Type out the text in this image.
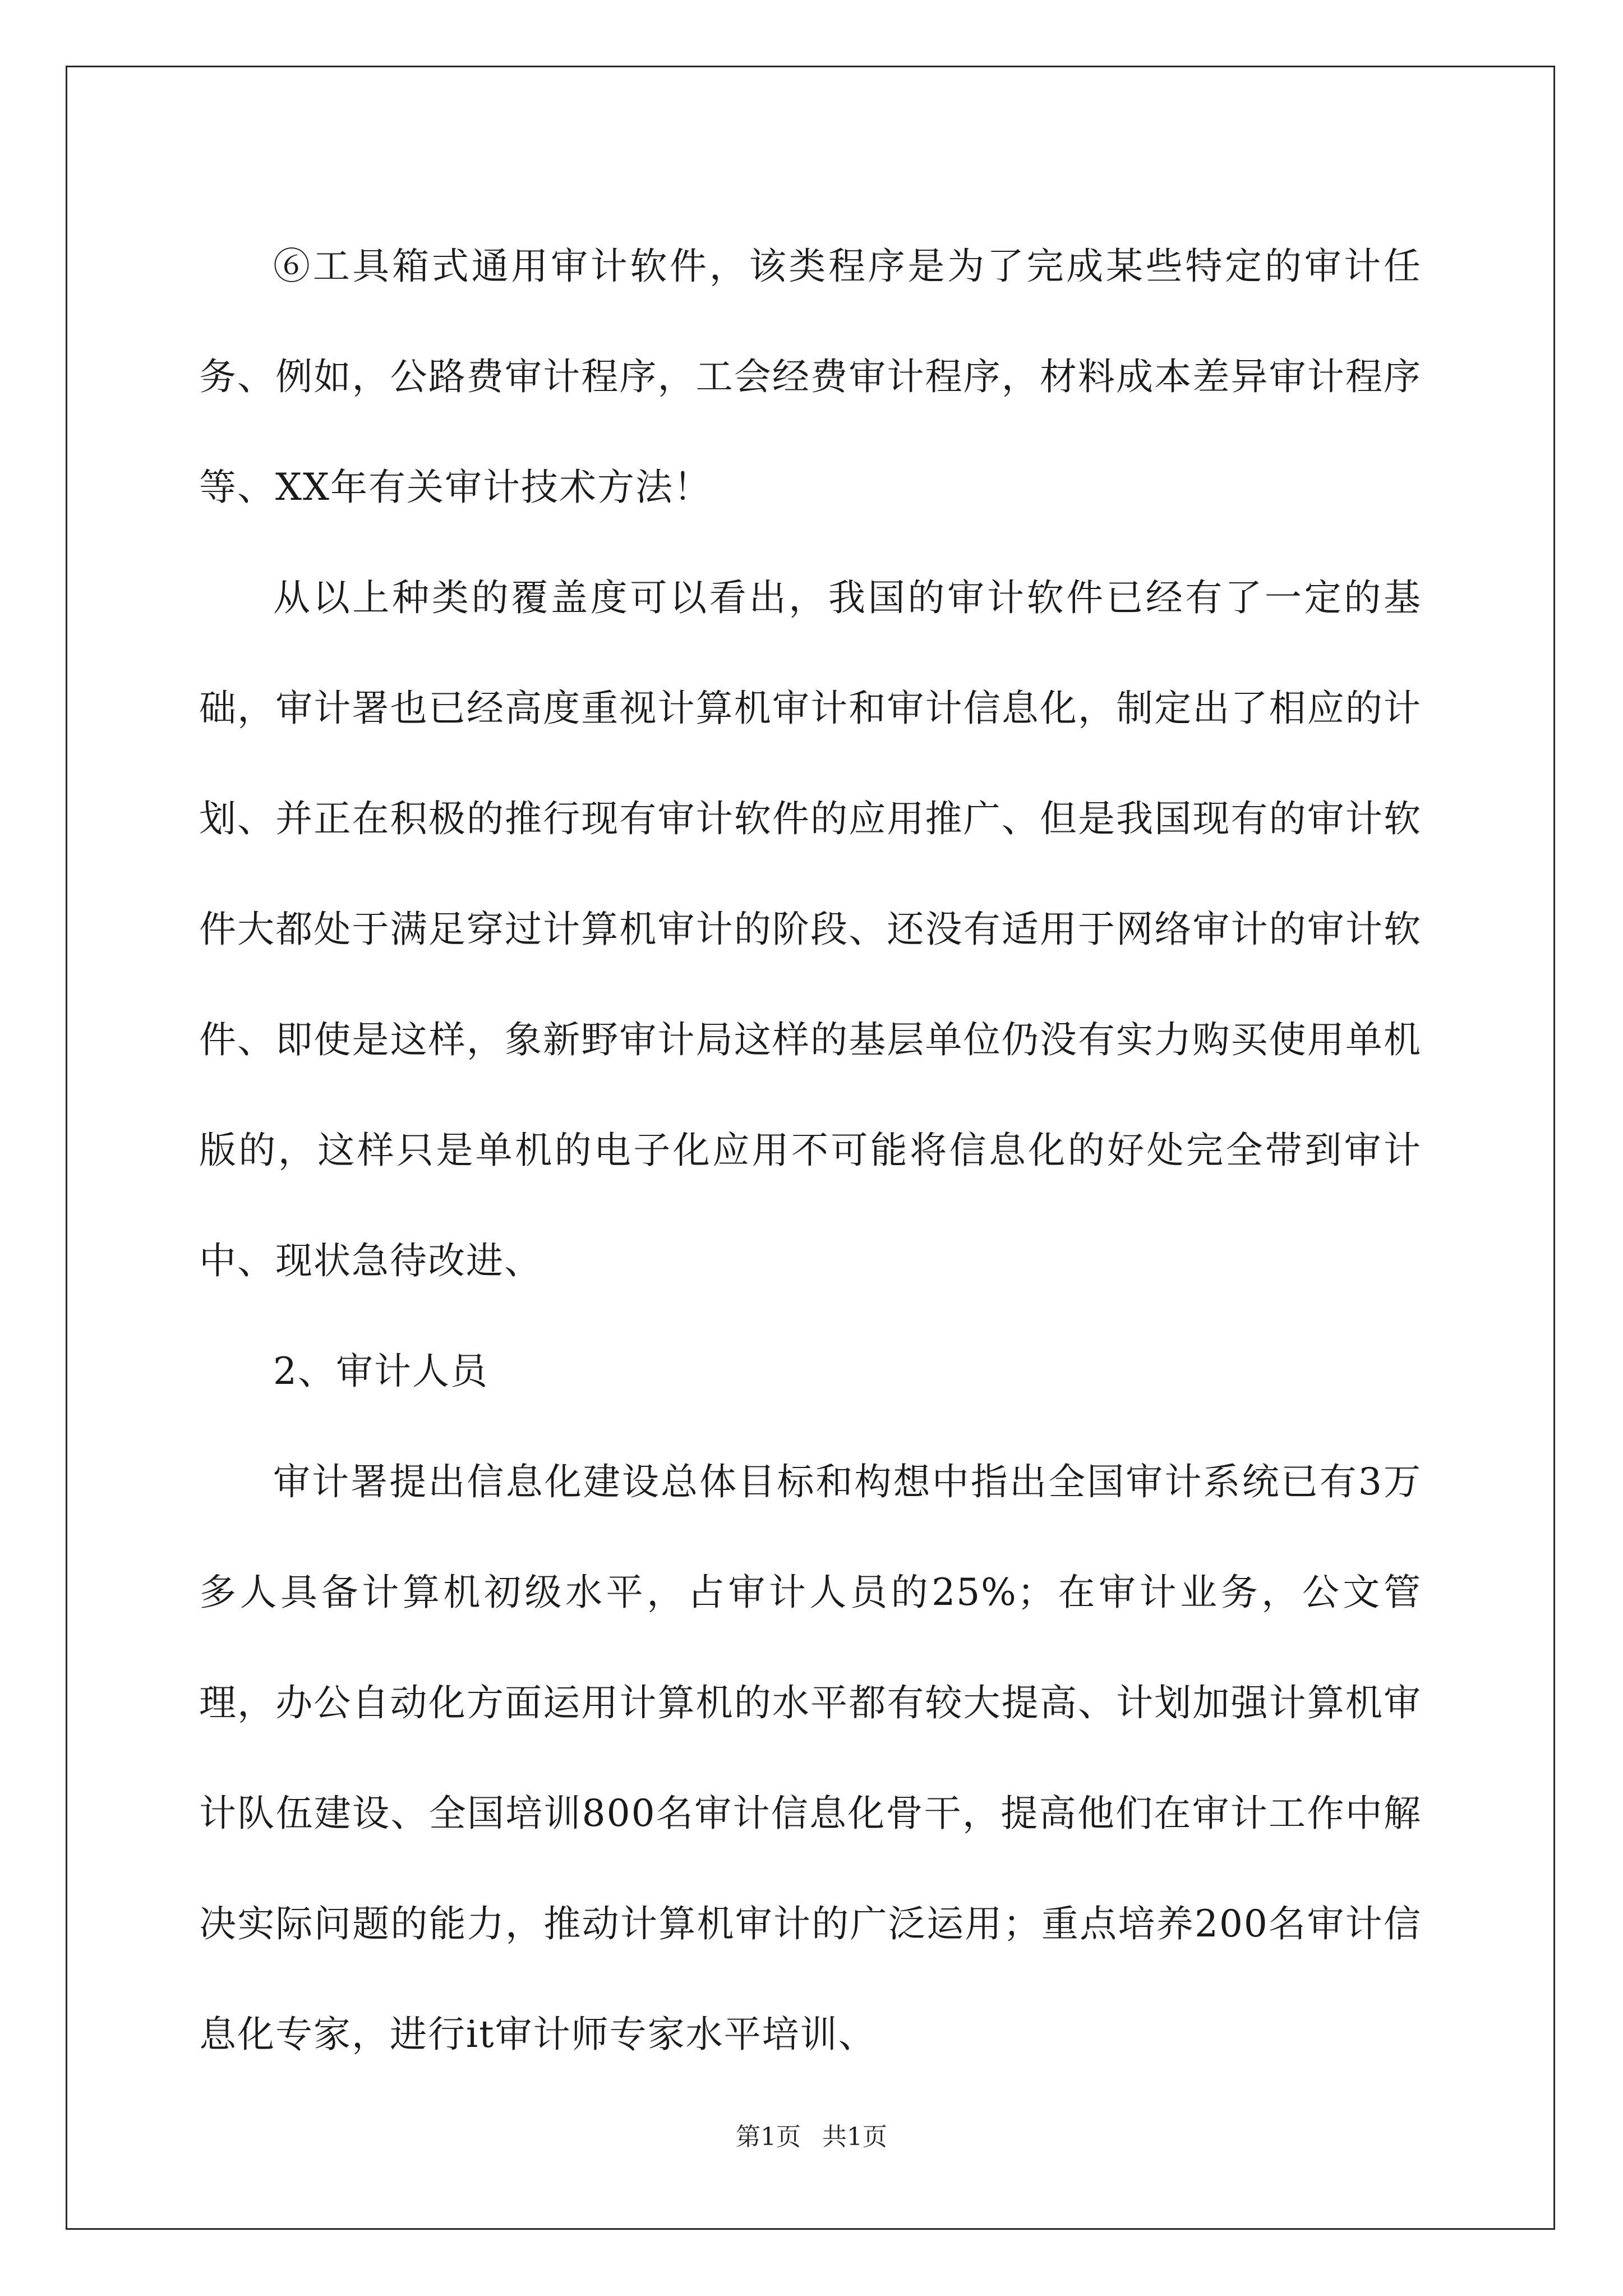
⑥工具箱式通用审计软件，该类程序是为了完成某些特定的审计任务、例如，公路费审计程序，工会经费审计程序，材料成本差异审计程序等、XX年有关审计技术方法！

从以上种类的覆盖度可以看出，我国的审计软件已经有了一定的基础，审计署也已经高度重视计算机审计和审计信息化，制定出了相应的计划、并正在积极的推行现有审计软件的应用推广、但是我国现有的审计软件大都处于满足穿过计算机审计的阶段、还没有适用于网络审计的审计软件、即使是这样，象新野审计局这样的基层单位仍没有实力购买使用单机版的，这样只是单机的电子化应用不可能将信息化的好处完全带到审计中、现状急待改进、

2、审计人员

审计署提出信息化建设总体目标和构想中指出全国审计系统已有3万多人具备计算机初级水平，占审计人员的25%；在审计业务，公文管理，办公自动化方面运用计算机的水平都有较大提高、计划加强计算机审计队伍建设、全国培训800名审计信息化骨干，提高他们在审计工作中解决实际问题的能力，推动计算机审计的广泛运用；重点培养200名审计信息化专家，进行it审计师专家水平培训、

第1页 共1页
